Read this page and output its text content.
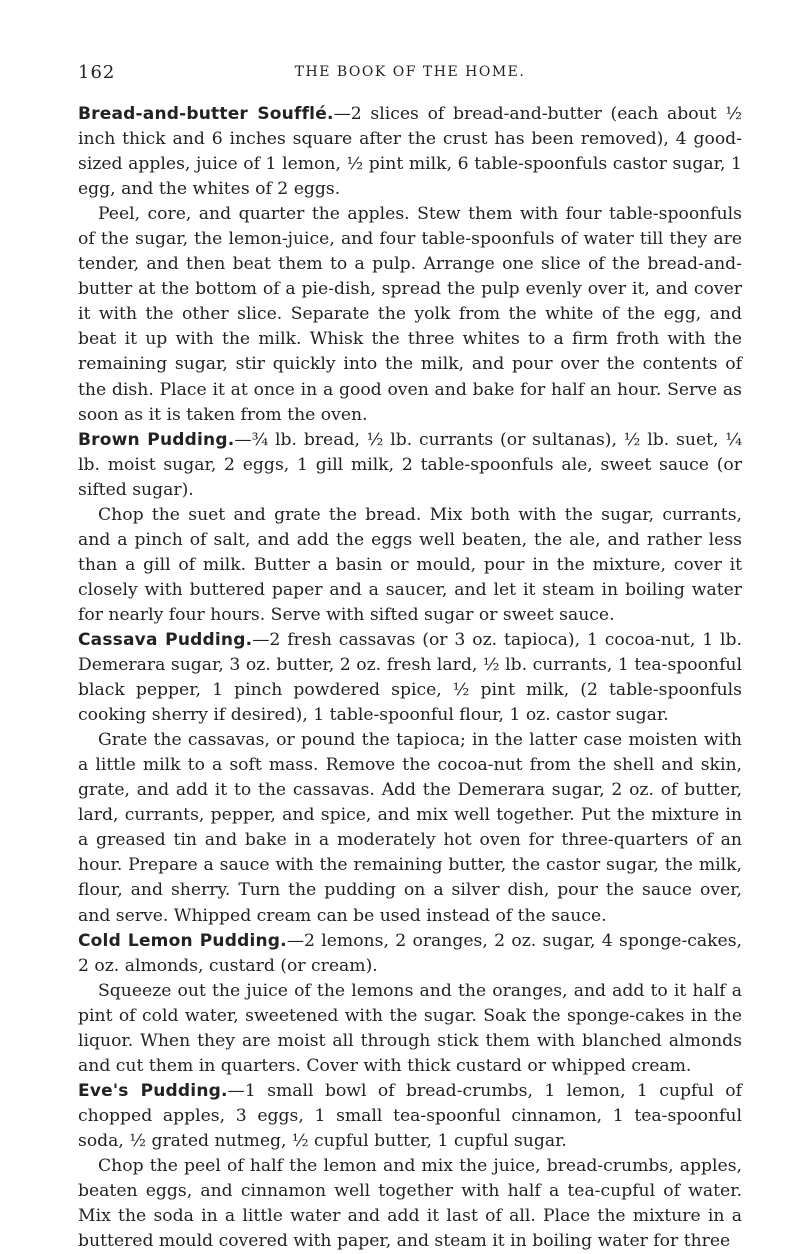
162	THE BOOK OF THE HOME.

Bread-and-butter Soufflé.—2 slices of bread-and-butter (each about ½ inch thick and 6 inches square after the crust has been removed), 4 good-sized apples, juice of 1 lemon, ½ pint milk, 6 table-spoonfuls castor sugar, 1 egg, and the whites of 2 eggs.

Peel, core, and quarter the apples. Stew them with four table-spoonfuls of the sugar, the lemon-juice, and four table-spoonfuls of water till they are tender, and then beat them to a pulp. Arrange one slice of the bread-and-butter at the bottom of a pie-dish, spread the pulp evenly over it, and cover it with the other slice. Separate the yolk from the white of the egg, and beat it up with the milk. Whisk the three whites to a firm froth with the remaining sugar, stir quickly into the milk, and pour over the contents of the dish. Place it at once in a good oven and bake for half an hour. Serve as soon as it is taken from the oven.

Brown Pudding.—¾ lb. bread, ½ lb. currants (or sultanas), ½ lb. suet, ¼ lb. moist sugar, 2 eggs, 1 gill milk, 2 table-spoonfuls ale, sweet sauce (or sifted sugar).

Chop the suet and grate the bread. Mix both with the sugar, currants, and a pinch of salt, and add the eggs well beaten, the ale, and rather less than a gill of milk. Butter a basin or mould, pour in the mixture, cover it closely with buttered paper and a saucer, and let it steam in boiling water for nearly four hours. Serve with sifted sugar or sweet sauce.

Cassava Pudding.—2 fresh cassavas (or 3 oz. tapioca), 1 cocoa-nut, 1 lb. Demerara sugar, 3 oz. butter, 2 oz. fresh lard, ½ lb. currants, 1 tea-spoonful black pepper, 1 pinch powdered spice, ½ pint milk, (2 table-spoonfuls cooking sherry if desired), 1 table-spoonful flour, 1 oz. castor sugar.

Grate the cassavas, or pound the tapioca; in the latter case moisten with a little milk to a soft mass. Remove the cocoa-nut from the shell and skin, grate, and add it to the cassavas. Add the Demerara sugar, 2 oz. of butter, lard, currants, pepper, and spice, and mix well together. Put the mixture in a greased tin and bake in a moderately hot oven for three-quarters of an hour. Prepare a sauce with the remaining butter, the castor sugar, the milk, flour, and sherry. Turn the pudding on a silver dish, pour the sauce over, and serve. Whipped cream can be used instead of the sauce.

Cold Lemon Pudding.—2 lemons, 2 oranges, 2 oz. sugar, 4 sponge-cakes, 2 oz. almonds, custard (or cream).

Squeeze out the juice of the lemons and the oranges, and add to it half a pint of cold water, sweetened with the sugar. Soak the sponge-cakes in the liquor. When they are moist all through stick them with blanched almonds and cut them in quarters. Cover with thick custard or whipped cream.

Eve's Pudding.—1 small bowl of bread-crumbs, 1 lemon, 1 cupful of chopped apples, 3 eggs, 1 small tea-spoonful cinnamon, 1 tea-spoonful soda, ½ grated nutmeg, ½ cupful butter, 1 cupful sugar.

Chop the peel of half the lemon and mix the juice, bread-crumbs, apples, beaten eggs, and cinnamon well together with half a tea-cupful of water. Mix the soda in a little water and add it last of all. Place the mixture in a buttered mould covered with paper, and steam it in boiling water for three
